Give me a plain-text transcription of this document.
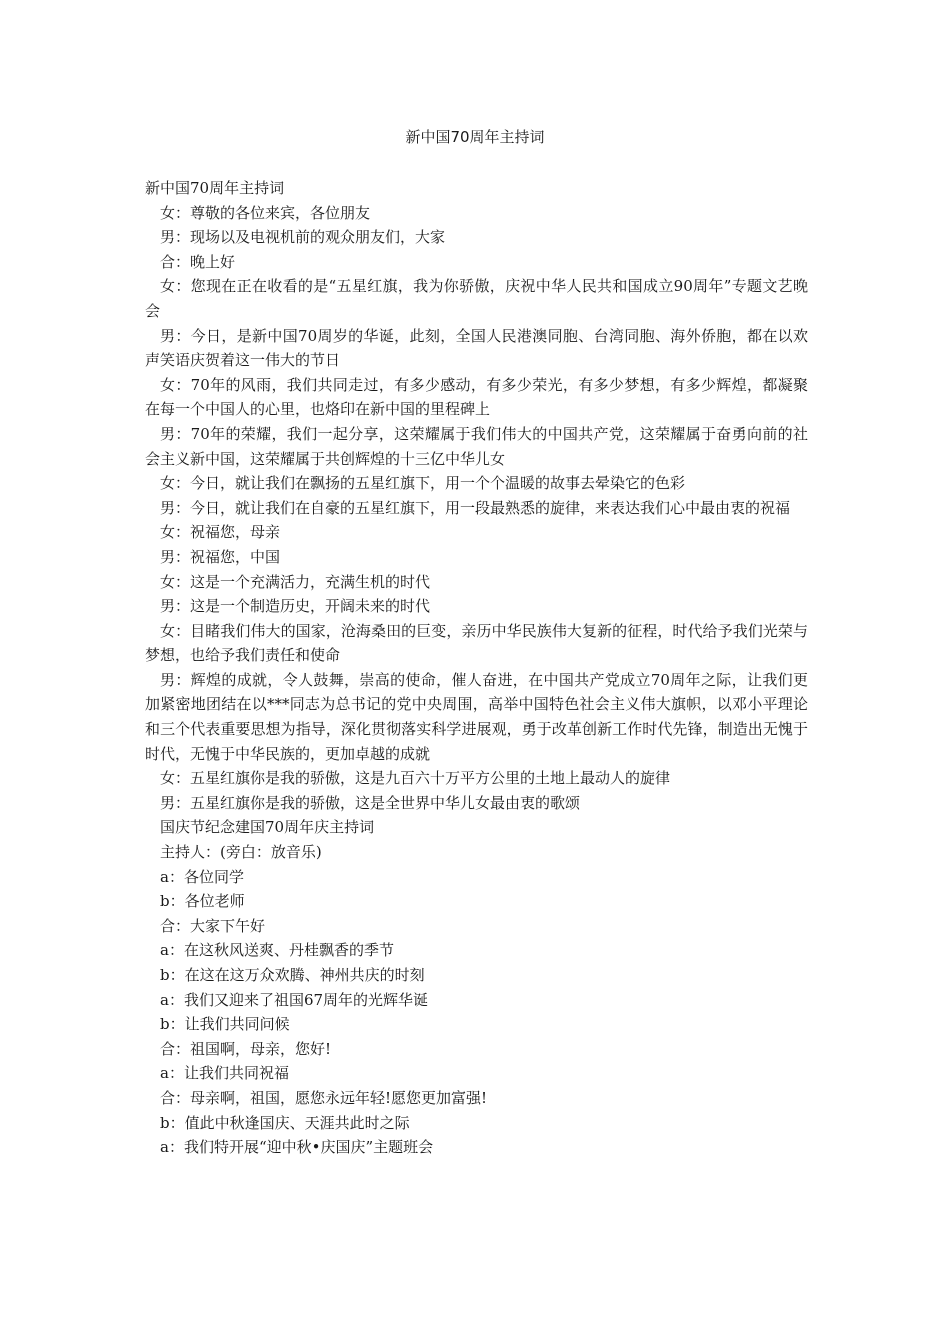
新中国70周年主持词

新中国70周年主持词

女：尊敬的各位来宾，各位朋友

男：现场以及电视机前的观众朋友们，大家

合：晚上好

女：您现在正在收看的是“五星红旗，我为你骄傲，庆祝中华人民共和国成立90周年”专题文艺晚会

男：今日，是新中国70周岁的华诞，此刻，全国人民港澳同胞、台湾同胞、海外侨胞，都在以欢声笑语庆贺着这一伟大的节日

女：70年的风雨，我们共同走过，有多少感动，有多少荣光，有多少梦想，有多少辉煌，都凝聚在每一个中国人的心里，也烙印在新中国的里程碑上

男：70年的荣耀，我们一起分享，这荣耀属于我们伟大的中国共产党，这荣耀属于奋勇向前的社会主义新中国，这荣耀属于共创辉煌的十三亿中华儿女

女：今日，就让我们在飘扬的五星红旗下，用一个个温暖的故事去晕染它的色彩

男：今日，就让我们在自豪的五星红旗下，用一段最熟悉的旋律，来表达我们心中最由衷的祝福

女：祝福您，母亲

男：祝福您，中国

女：这是一个充满活力，充满生机的时代

男：这是一个制造历史，开阔未来的时代

女：目睹我们伟大的国家，沧海桑田的巨变，亲历中华民族伟大复新的征程，时代给予我们光荣与梦想，也给予我们责任和使命

男：辉煌的成就，令人鼓舞，崇高的使命，催人奋进，在中国共产党成立70周年之际，让我们更加紧密地团结在以***同志为总书记的党中央周围，高举中国特色社会主义伟大旗帜，以邓小平理论和三个代表重要思想为指导，深化贯彻落实科学进展观，勇于改革创新工作时代先锋，制造出无愧于时代，无愧于中华民族的，更加卓越的成就

女：五星红旗你是我的骄傲，这是九百六十万平方公里的土地上最动人的旋律

男：五星红旗你是我的骄傲，这是全世界中华儿女最由衷的歌颂

国庆节纪念建国70周年庆主持词

主持人：(旁白：放音乐)

a：各位同学

b：各位老师

合：大家下午好

a：在这秋风送爽、丹桂飘香的季节

b：在这在这万众欢腾、神州共庆的时刻

a：我们又迎来了祖国67周年的光辉华诞

b：让我们共同问候

合：祖国啊，母亲，您好!

a：让我们共同祝福

合：母亲啊，祖国，愿您永远年轻!愿您更加富强!

b：值此中秋逢国庆、天涯共此时之际

a：我们特开展“迎中秋•庆国庆”主题班会
